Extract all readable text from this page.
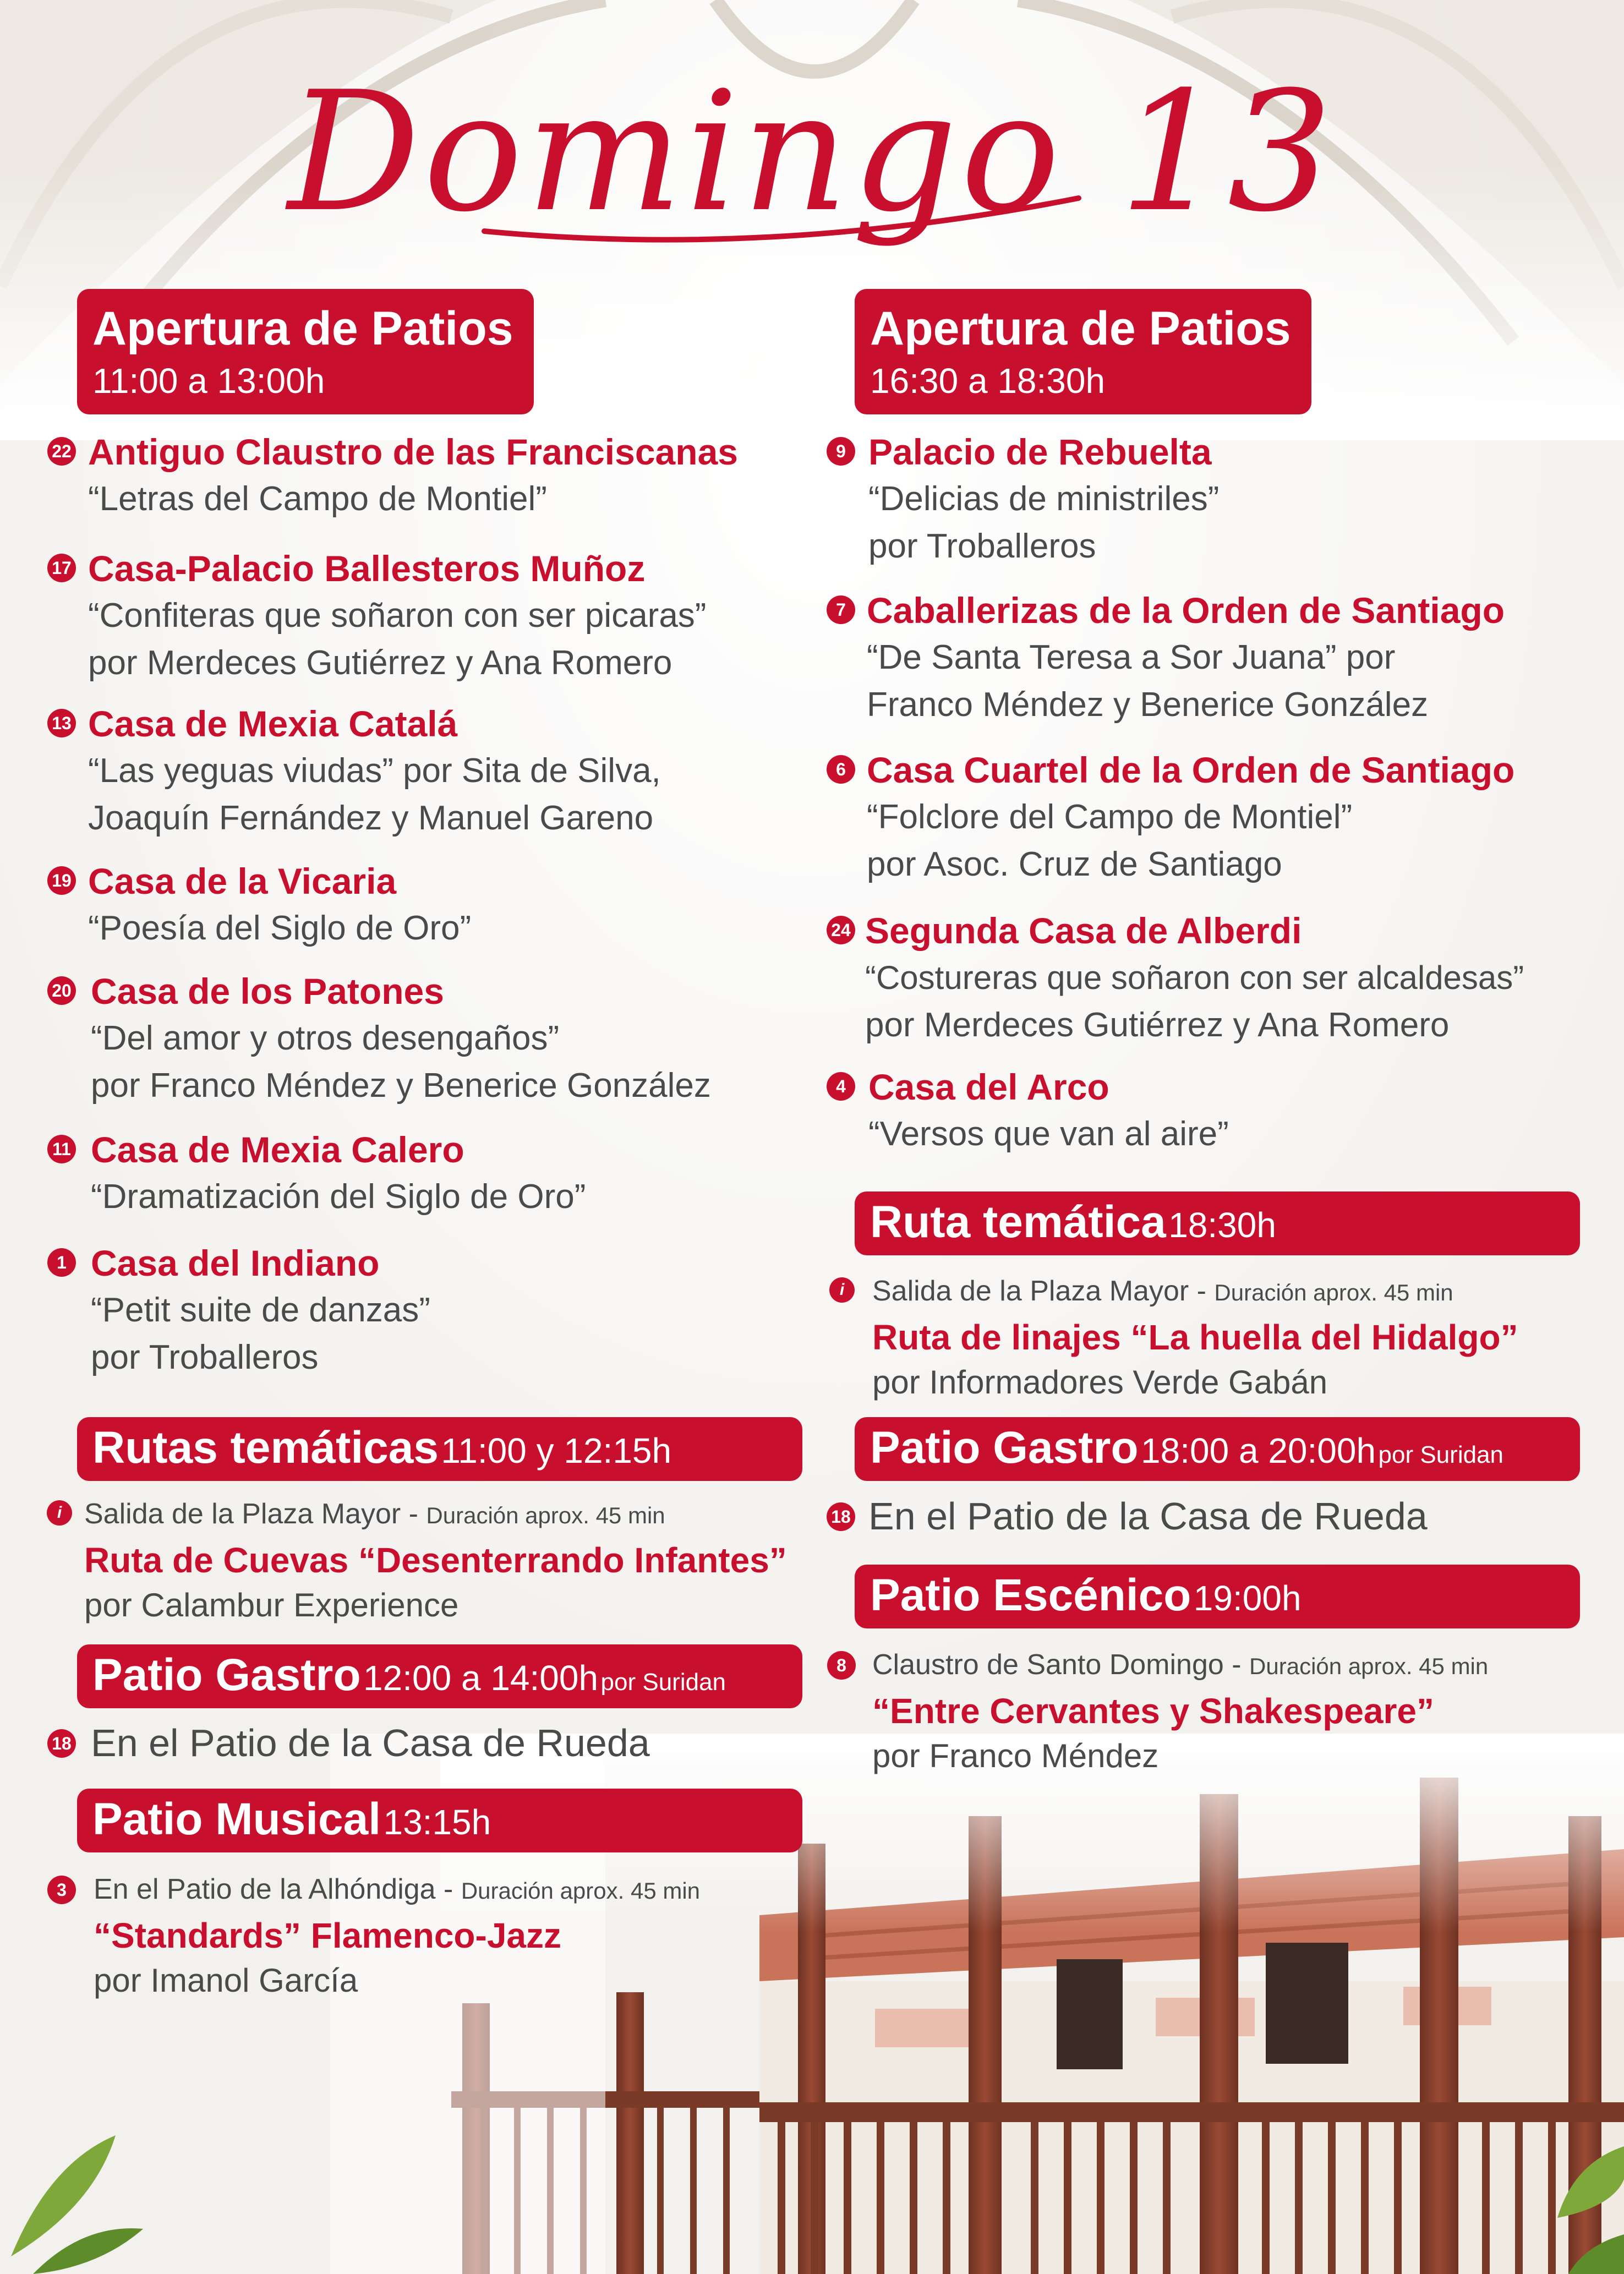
Domingo 13
Apertura de Patios
11:00 a 13:00h
22 Antiguo Claustro de las Franciscanas
“Letras del Campo de Montiel”
17 Casa-Palacio Ballesteros Muñoz
“Confiteras que soñaron con ser picaras”
por Merdeces Gutiérrez y Ana Romero
13 Casa de Mexia Catalá
“Las yeguas viudas” por Sita de Silva,
Joaquín Fernández y Manuel Gareno
19 Casa de la Vicaria
“Poesía del Siglo de Oro”
20 Casa de los Patones
“Del amor y otros desengaños”
por Franco Méndez y Benerice González
11 Casa de Mexia Calero
“Dramatización del Siglo de Oro”
1 Casa del Indiano
“Petit suite de danzas”
por Troballeros
Rutas temáticas 11:00 y 12:15h
i Salida de la Plaza Mayor - Duración aprox. 45 min
Ruta de Cuevas “Desenterrando Infantes”
por Calambur Experience
Patio Gastro 12:00 a 14:00h por Suridan
18 En el Patio de la Casa de Rueda
Patio Musical 13:15h
3 En el Patio de la Alhóndiga - Duración aprox. 45 min
“Standards” Flamenco-Jazz
por Imanol García
Apertura de Patios
16:30 a 18:30h
9 Palacio de Rebuelta
“Delicias de ministriles”
por Troballeros
7 Caballerizas de la Orden de Santiago
“De Santa Teresa a Sor Juana” por
Franco Méndez y Benerice González
6 Casa Cuartel de la Orden de Santiago
“Folclore del Campo de Montiel”
por Asoc. Cruz de Santiago
24 Segunda Casa de Alberdi
“Costureras que soñaron con ser alcaldesas”
por Merdeces Gutiérrez y Ana Romero
4 Casa del Arco
“Versos que van al aire”
Ruta temática 18:30h
i Salida de la Plaza Mayor - Duración aprox. 45 min
Ruta de linajes “La huella del Hidalgo”
por Informadores Verde Gabán
Patio Gastro 18:00 a 20:00h por Suridan
18 En el Patio de la Casa de Rueda
Patio Escénico 19:00h
8 Claustro de Santo Domingo - Duración aprox. 45 min
“Entre Cervantes y Shakespeare”
por Franco Méndez
